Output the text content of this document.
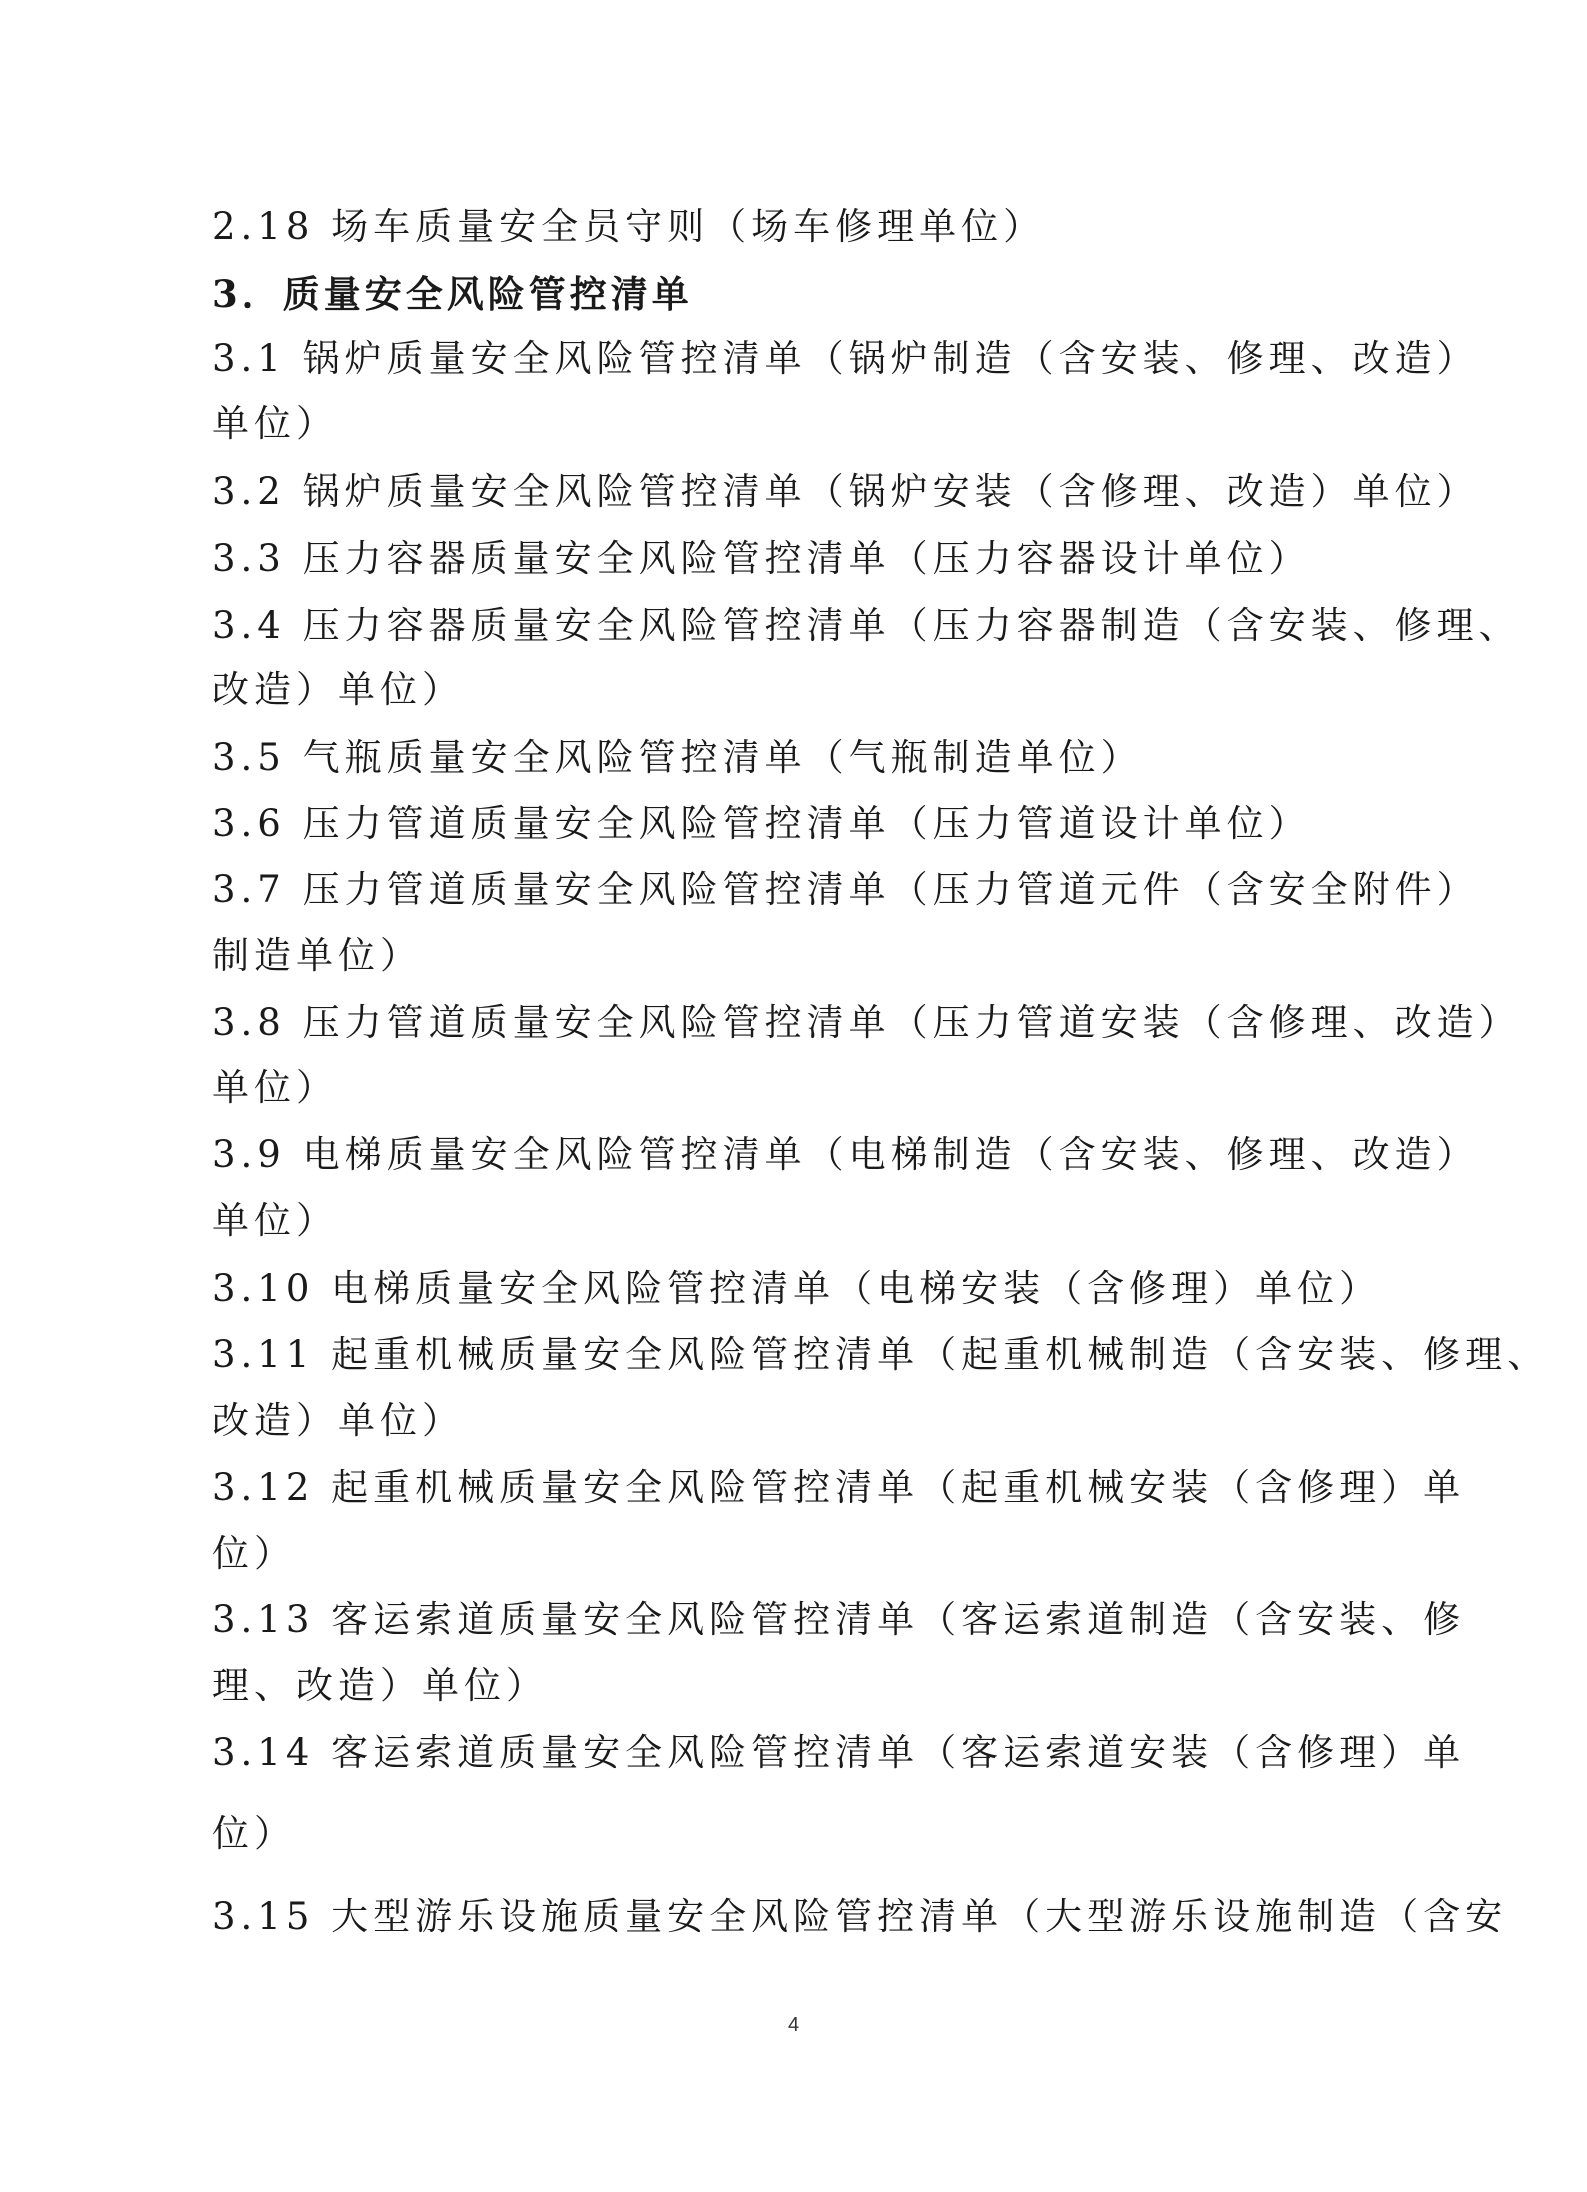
2.18 场车质量安全员守则（场车修理单位）
3．质量安全风险管控清单
3.1 锅炉质量安全风险管控清单（锅炉制造（含安装、修理、改造）
单位）
3.2 锅炉质量安全风险管控清单（锅炉安装（含修理、改造）单位）
3.3 压力容器质量安全风险管控清单（压力容器设计单位）
3.4 压力容器质量安全风险管控清单（压力容器制造（含安装、修理、
改造）单位）
3.5 气瓶质量安全风险管控清单（气瓶制造单位）
3.6 压力管道质量安全风险管控清单（压力管道设计单位）
3.7 压力管道质量安全风险管控清单（压力管道元件（含安全附件）
制造单位）
3.8 压力管道质量安全风险管控清单（压力管道安装（含修理、改造）
单位）
3.9 电梯质量安全风险管控清单（电梯制造（含安装、修理、改造）
单位）
3.10 电梯质量安全风险管控清单（电梯安装（含修理）单位）
3.11 起重机械质量安全风险管控清单（起重机械制造（含安装、修理、
改造）单位）
3.12 起重机械质量安全风险管控清单（起重机械安装（含修理）单
位）
3.13 客运索道质量安全风险管控清单（客运索道制造（含安装、修
理、改造）单位）
3.14 客运索道质量安全风险管控清单（客运索道安装（含修理）单
位）
3.15 大型游乐设施质量安全风险管控清单（大型游乐设施制造（含安
4
